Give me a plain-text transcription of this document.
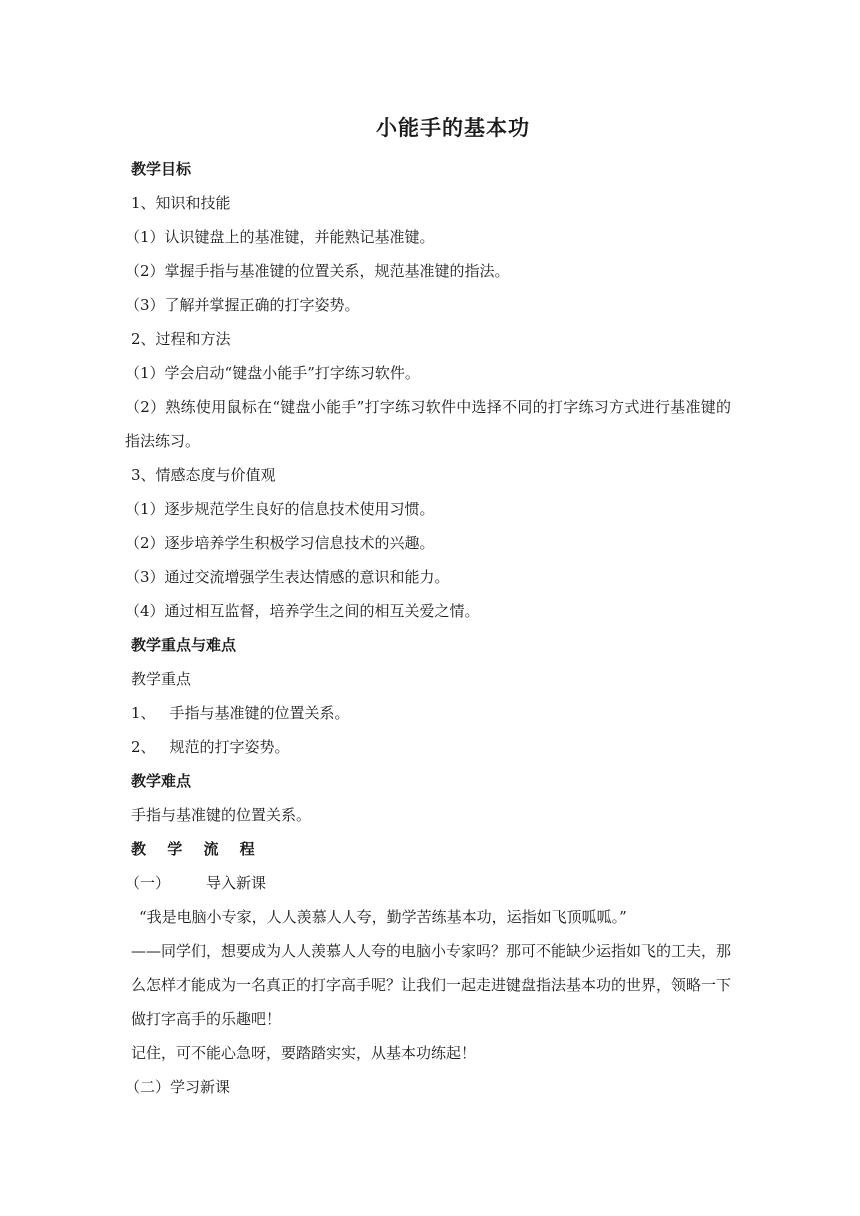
小能手的基本功
教学目标
1、知识和技能
（1）认识键盘上的基准键，并能熟记基准键。
（2）掌握手指与基准键的位置关系，规范基准键的指法。
（3）了解并掌握正确的打字姿势。
2、过程和方法
（1）学会启动“键盘小能手”打字练习软件。
（2）熟练使用鼠标在“键盘小能手”打字练习软件中选择不同的打字练习方式进行基准键的指法练习。
3、情感态度与价值观
（1）逐步规范学生良好的信息技术使用习惯。
（2）逐步培养学生积极学习信息技术的兴趣。
（3）通过交流增强学生表达情感的意识和能力。
（4）通过相互监督，培养学生之间的相互关爱之情。
教学重点与难点
教学重点
1、 手指与基准键的位置关系。
2、 规范的打字姿势。
教学难点
手指与基准键的位置关系。
教 学 流 程
（一） 导入新课
“我是电脑小专家，人人羡慕人人夸，勤学苦练基本功，运指如飞顶呱呱。”
——同学们，想要成为人人羡慕人人夸的电脑小专家吗？那可不能缺少运指如飞的工夫，那么怎样才能成为一名真正的打字高手呢？让我们一起走进键盘指法基本功的世界，领略一下做打字高手的乐趣吧！
记住，可不能心急呀，要踏踏实实，从基本功练起！
（二）学习新课
